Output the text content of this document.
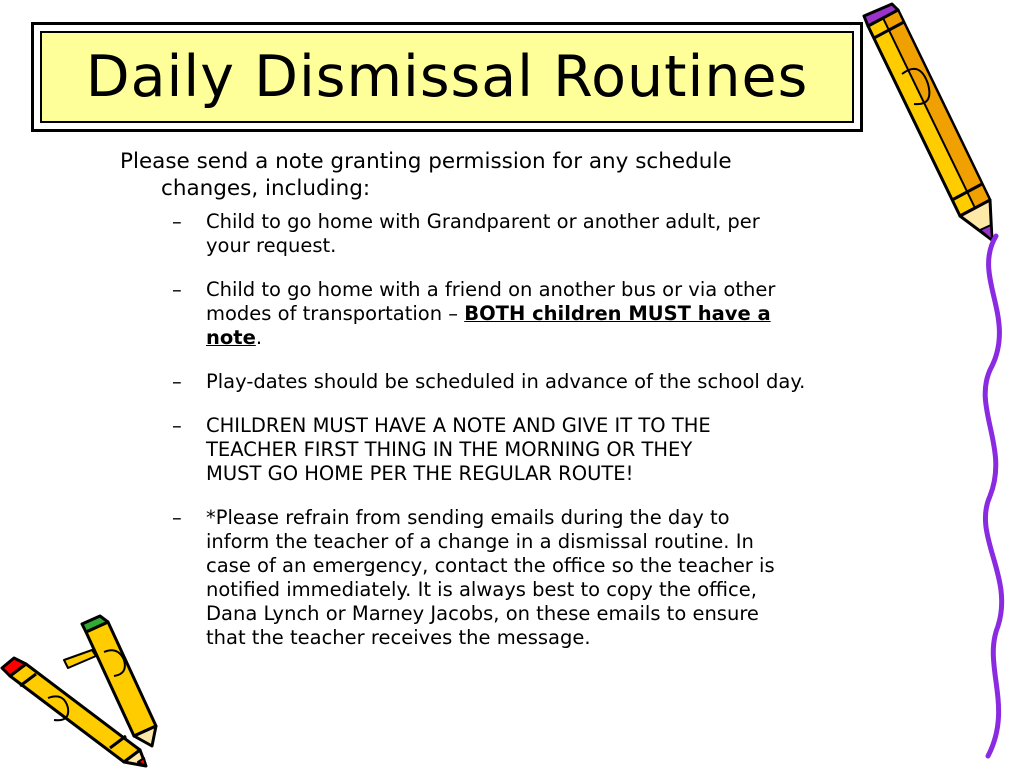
Daily Dismissal Routines

Please send a note granting permission for any schedule
changes, including:

– Child to go home with Grandparent or another adult, per
your request.
– Child to go home with a friend on another bus or via other
modes of transportation – BOTH children MUST have a
note.
– Play-dates should be scheduled in advance of the school day.
– CHILDREN MUST HAVE A NOTE AND GIVE IT TO THE
TEACHER FIRST THING IN THE MORNING OR THEY
MUST GO HOME PER THE REGULAR ROUTE!
– *Please refrain from sending emails during the day to
inform the teacher of a change in a dismissal routine. In
case of an emergency, contact the office so the teacher is
notified immediately. It is always best to copy the office,
Dana Lynch or Marney Jacobs, on these emails to ensure
that the teacher receives the message.
